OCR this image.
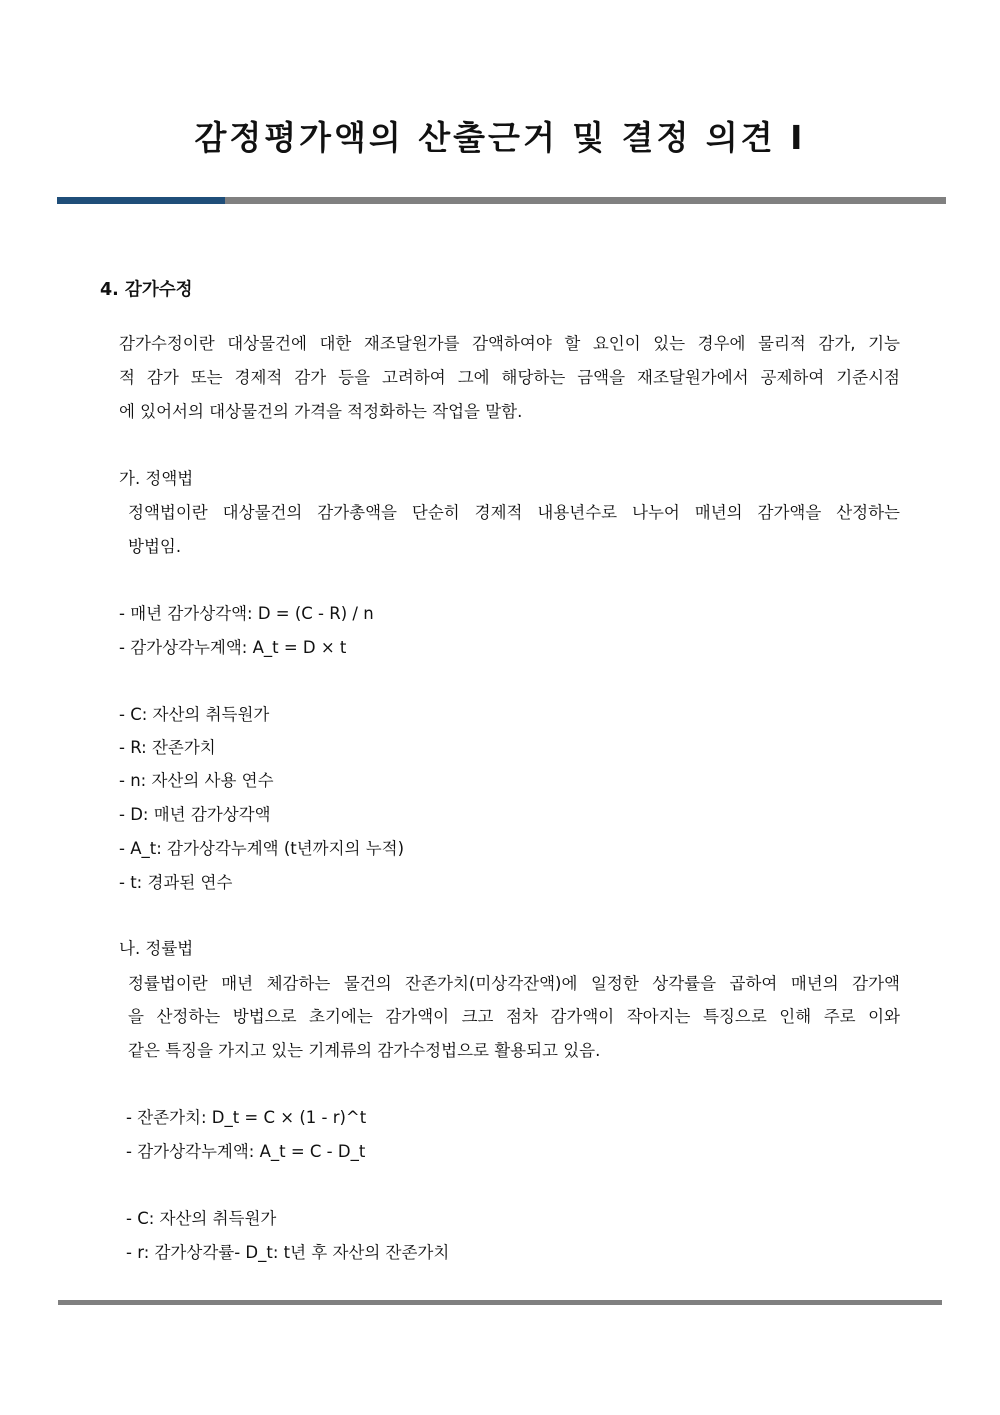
감정평가액의 산출근거 및 결정 의견 I
4. 감가수정
감가수정이란 대상물건에 대한 재조달원가를 감액하여야 할 요인이 있는 경우에 물리적 감가, 기능
적 감가 또는 경제적 감가 등을 고려하여 그에 해당하는 금액을 재조달원가에서 공제하여 기준시점
에 있어서의 대상물건의 가격을 적정화하는 작업을 말함.
가. 정액법
정액법이란 대상물건의 감가총액을 단순히 경제적 내용년수로 나누어 매년의 감가액을 산정하는
방법임.
- 매년 감가상각액: D = (C - R) / n
- 감가상각누계액: A_t = D × t
- C: 자산의 취득원가
- R: 잔존가치
- n: 자산의 사용 연수
- D: 매년 감가상각액
- A_t: 감가상각누계액 (t년까지의 누적)
- t: 경과된 연수
나. 정률법
정률법이란 매년 체감하는 물건의 잔존가치(미상각잔액)에 일정한 상각률을 곱하여 매년의 감가액
을 산정하는 방법으로 초기에는 감가액이 크고 점차 감가액이 작아지는 특징으로 인해 주로 이와
같은 특징을 가지고 있는 기계류의 감가수정법으로 활용되고 있음.
- 잔존가치: D_t = C × (1 - r)^t
- 감가상각누계액: A_t = C - D_t
- C: 자산의 취득원가
- r: 감가상각률- D_t: t년 후 자산의 잔존가치
